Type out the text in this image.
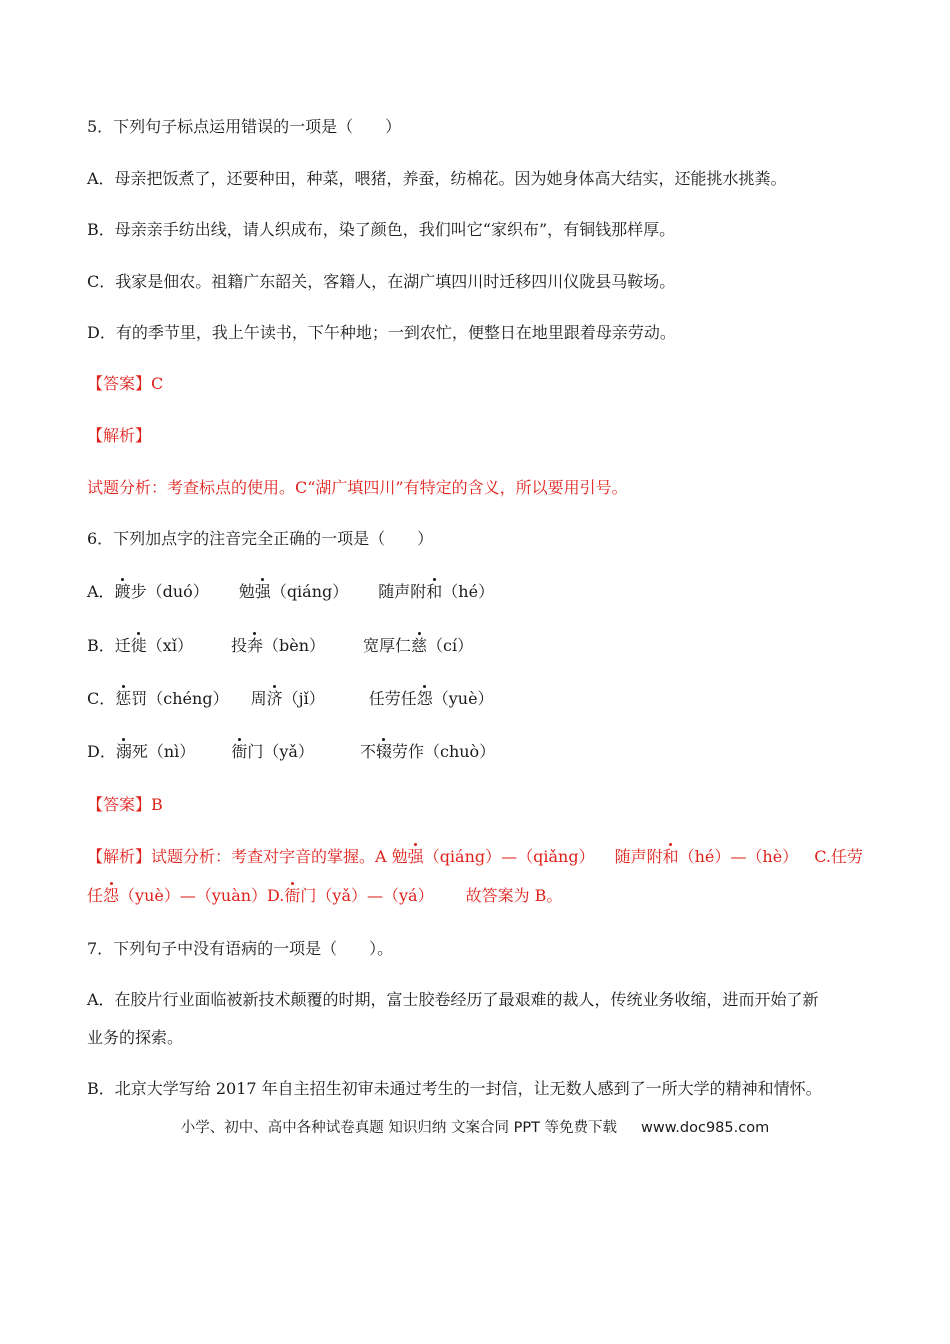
5．下列句子标点运用错误的一项是（　　）
A．母亲把饭煮了，还要种田，种菜，喂猪，养蚕，纺棉花。因为她身体高大结实，还能挑水挑粪。
B．母亲亲手纺出线，请人织成布，染了颜色，我们叫它“家织布”，有铜钱那样厚。
C．我家是佃农。祖籍广东韶关，客籍人，在湖广填四川时迁移四川仪陇县马鞍场。
D．有的季节里，我上午读书，下午种地；一到农忙，便整日在地里跟着母亲劳动。
【答案】C
【解析】
试题分析：考查标点的使用。C“湖广填四川”有特定的含义，所以要用引号。
6．下列加点字的注音完全正确的一项是（　　）
A．踱步（duó） 勉强（qiáng） 随声附和（hé）
B．迁徙（xǐ） 投奔（bèn） 宽厚仁慈（cí）
C．惩罚（chéng） 周济（jǐ）	任劳任怨（yuè）
D．溺死（nì） 衙门（yǎ）	不辍劳作（chuò）
【答案】B
【解析】试题分析：考查对字音的掌握。A 勉强（qiáng）—（qiǎng） 随声附和（hé）—（hè） C.任劳
任怨（yuè）—（yuàn）D.衙门（yǎ）—（yá） 故答案为 B。
7．下列句子中没有语病的一项是（　　）。
A．在胶片行业面临被新技术颠覆的时期，富士胶卷经历了最艰难的裁人，传统业务收缩，进而开始了新
业务的探索。
B．北京大学写给 2017 年自主招生初审未通过考生的一封信，让无数人感到了一所大学的精神和情怀。
小学、初中、高中各种试卷真题 知识归纳 文案合同 PPT 等免费下载 www.doc985.com
